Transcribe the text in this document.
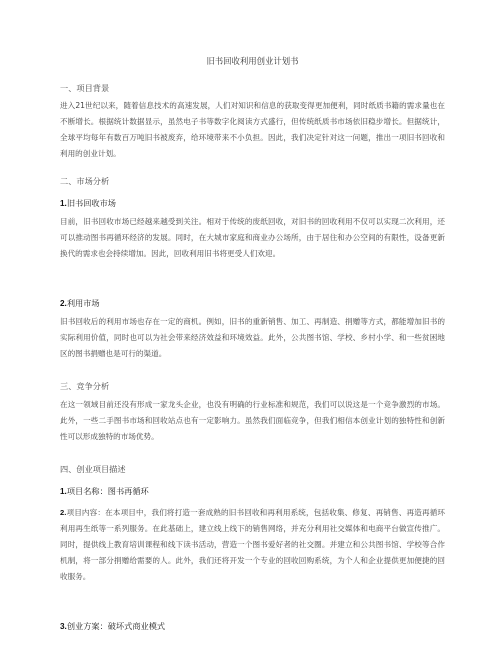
旧书回收利用创业计划书
一、项目背景
进入21世纪以来，随着信息技术的高速发展，人们对知识和信息的获取变得更加便利，同时纸质书籍的需求量也在不断增长。根据统计数据显示，虽然电子书等数字化阅读方式盛行，但传统纸质书市场依旧稳步增长。但据统计，全球平均每年有数百万吨旧书被废弃，给环境带来不小负担。因此，我们决定针对这一问题，推出一项旧书回收和利用的创业计划。
二、市场分析
1.旧书回收市场
目前，旧书回收市场已经越来越受到关注。相对于传统的废纸回收，对旧书的回收利用不仅可以实现二次利用，还可以推动图书再循环经济的发展。同时，在大城市家庭和商业办公场所，由于居住和办公空间的有限性，设备更新换代的需求也会持续增加。因此，回收利用旧书将更受人们欢迎。
2.利用市场
旧书回收后的利用市场也存在一定的商机。例如，旧书的重新销售、加工、再制造、捐赠等方式，都能增加旧书的实际利用价值，同时也可以为社会带来经济效益和环境效益。此外，公共图书馆、学校、乡村小学、和一些贫困地区的图书捐赠也是可行的渠道。
三、竞争分析
在这一领域目前还没有形成一家龙头企业，也没有明确的行业标准和规范，我们可以说这是一个竞争激烈的市场。此外，一些二手图书市场和回收站点也有一定影响力。虽然我们面临竞争，但我们相信本创业计划的独特性和创新性可以形成独特的市场优势。
四、创业项目描述
1.项目名称：图书再循环
2.项目内容：在本项目中，我们将打造一套成熟的旧书回收和再利用系统，包括收集、修复、再销售、再造再循环利用再生纸等一系列服务。在此基础上，建立线上线下的销售网络，并充分利用社交媒体和电商平台做宣传推广。同时，提供线上教育培训课程和线下读书活动，营造一个图书爱好者的社交圈。并建立和公共图书馆、学校等合作机制，将一部分捐赠给需要的人。此外，我们还将开发一个专业的回收回购系统，为个人和企业提供更加便捷的回收服务。
3.创业方案：破坏式商业模式
